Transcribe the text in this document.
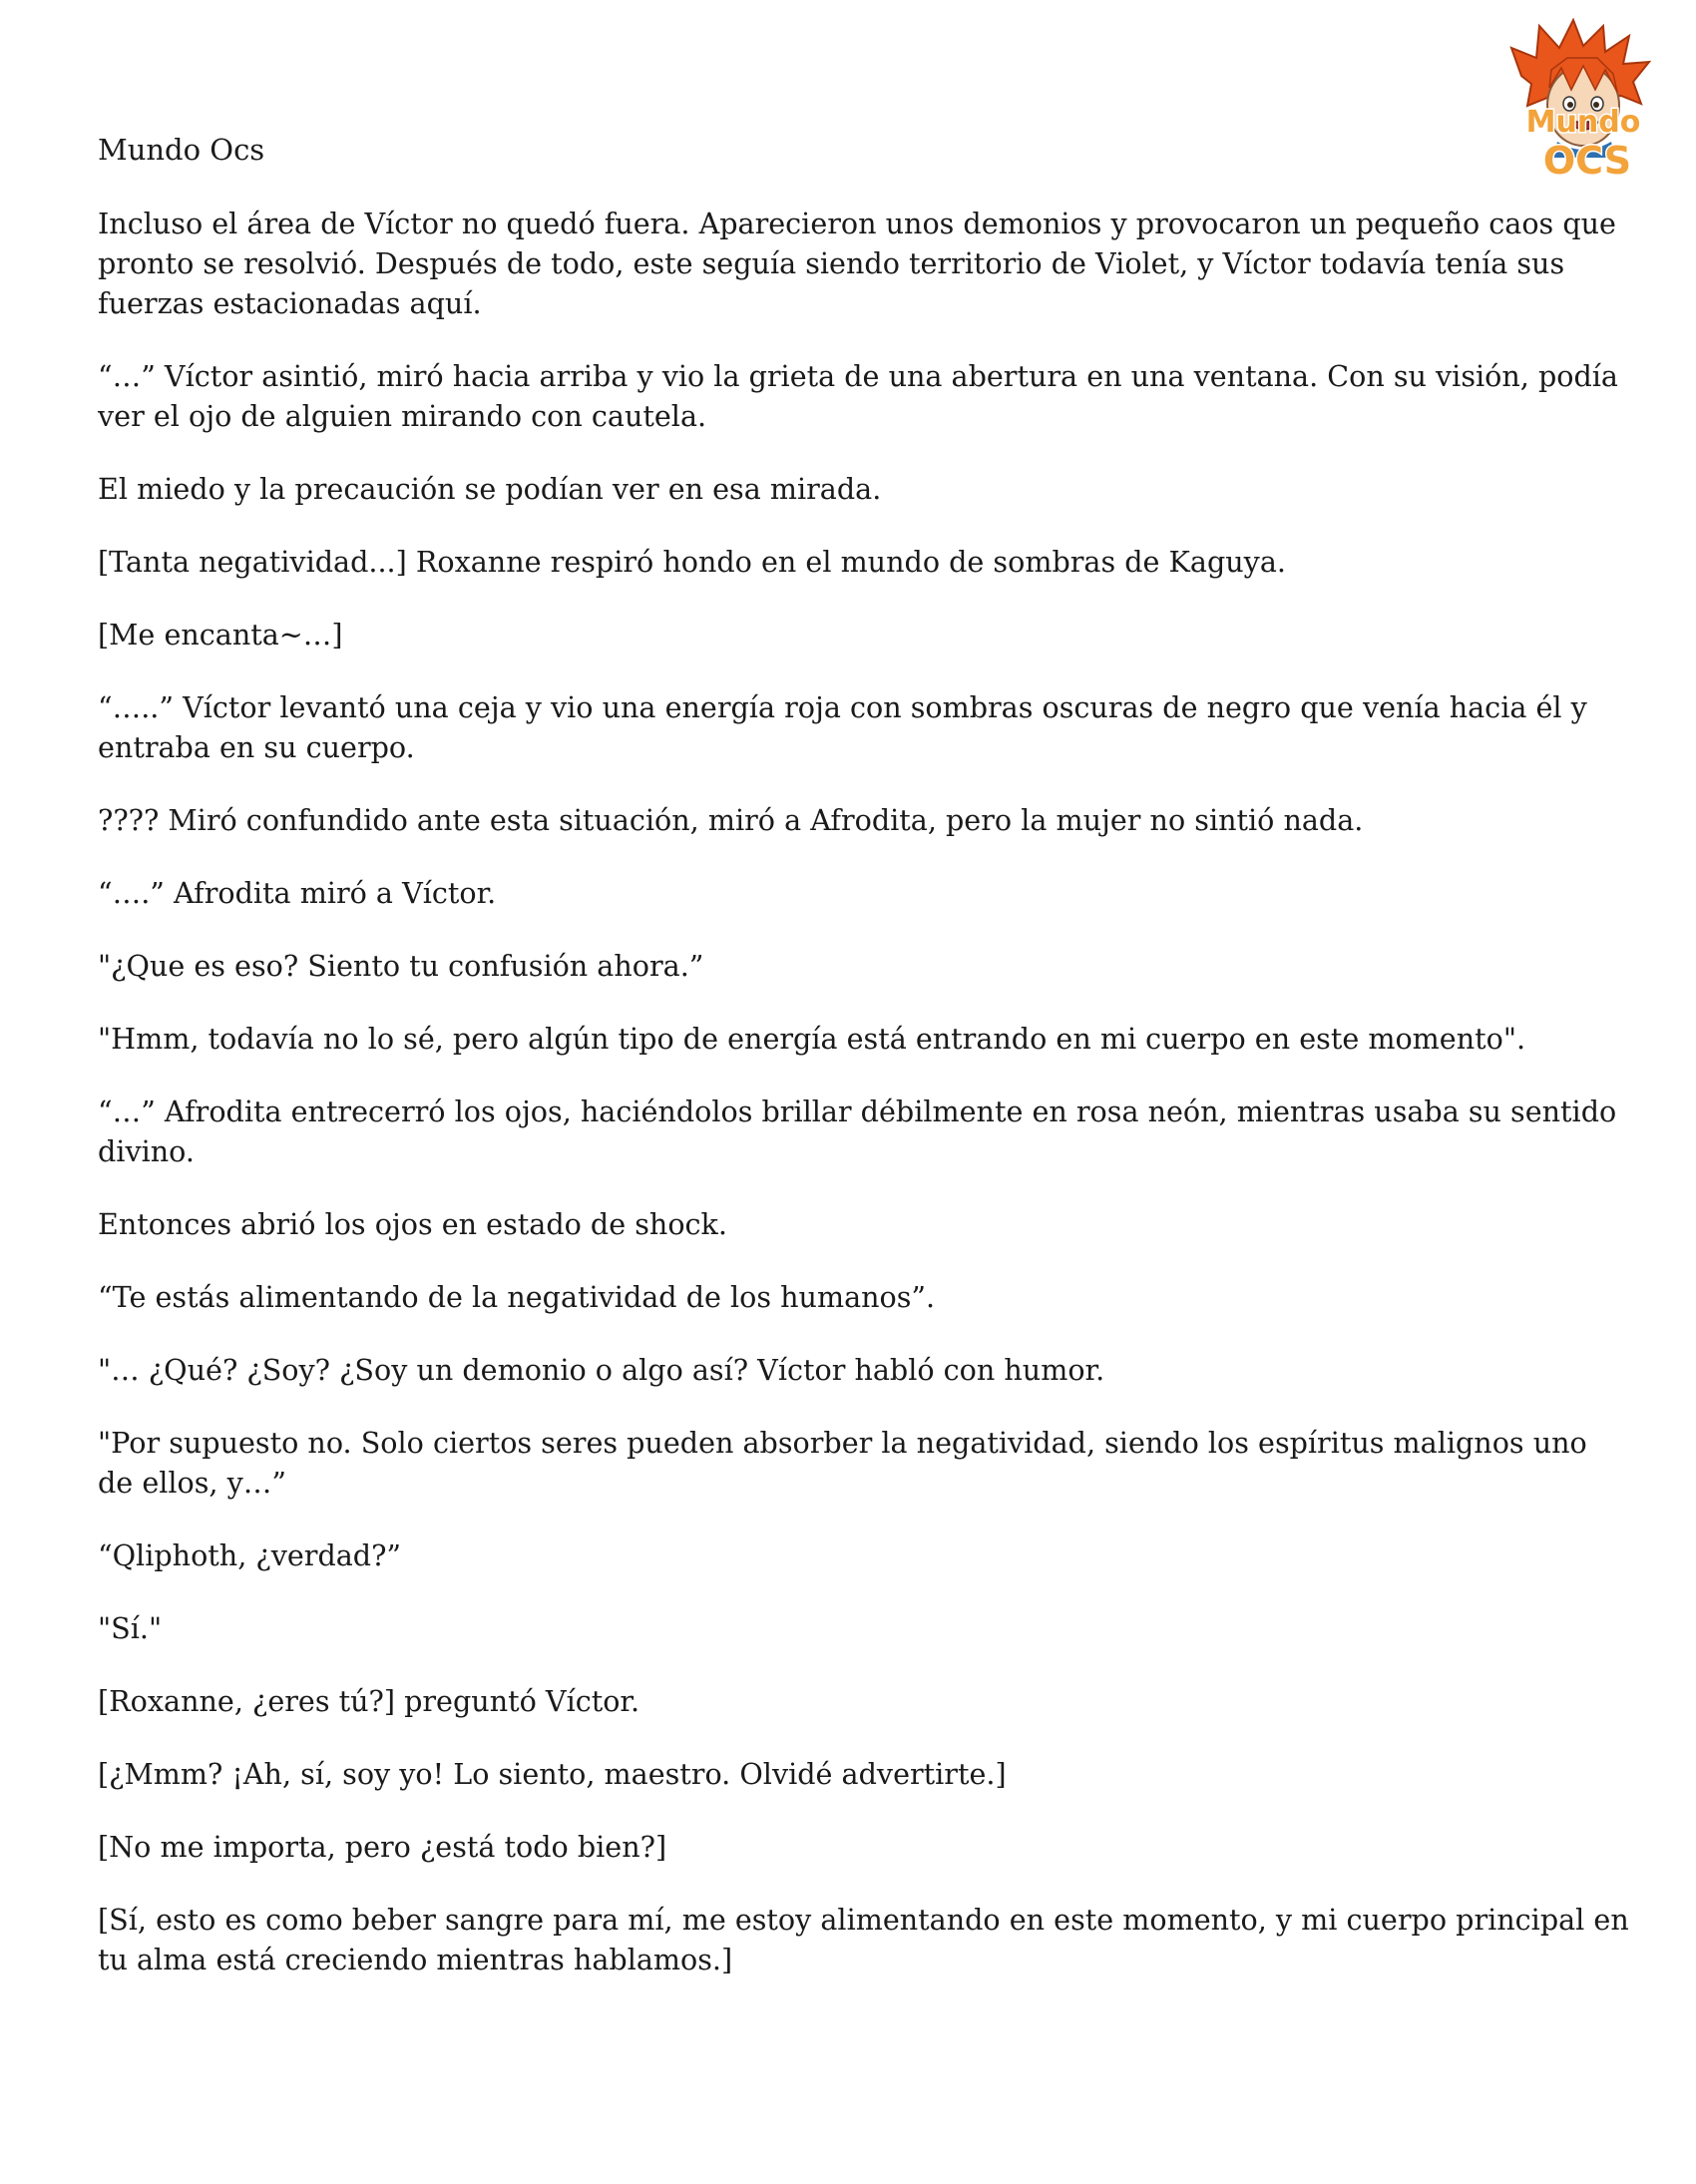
Mundo
OCS
Mundo Ocs

Incluso el área de Víctor no quedó fuera. Aparecieron unos demonios y provocaron un pequeño caos que pronto se resolvió. Después de todo, este seguía siendo territorio de Violet, y Víctor todavía tenía sus fuerzas estacionadas aquí.

“…” Víctor asintió, miró hacia arriba y vio la grieta de una abertura en una ventana. Con su visión, podía ver el ojo de alguien mirando con cautela.

El miedo y la precaución se podían ver en esa mirada.

[Tanta negatividad...] Roxanne respiró hondo en el mundo de sombras de Kaguya.

[Me encanta~…]

“…..” Víctor levantó una ceja y vio una energía roja con sombras oscuras de negro que venía hacia él y entraba en su cuerpo.

???? Miró confundido ante esta situación, miró a Afrodita, pero la mujer no sintió nada.

“….” Afrodita miró a Víctor.

"¿Que es eso? Siento tu confusión ahora.”

"Hmm, todavía no lo sé, pero algún tipo de energía está entrando en mi cuerpo en este momento".

“…” Afrodita entrecerró los ojos, haciéndolos brillar débilmente en rosa neón, mientras usaba su sentido divino.

Entonces abrió los ojos en estado de shock.

“Te estás alimentando de la negatividad de los humanos”.

"… ¿Qué? ¿Soy? ¿Soy un demonio o algo así? Víctor habló con humor.

"Por supuesto no. Solo ciertos seres pueden absorber la negatividad, siendo los espíritus malignos uno de ellos, y…”

“Qliphoth, ¿verdad?”

"Sí."

[Roxanne, ¿eres tú?] preguntó Víctor.

[¿Mmm? ¡Ah, sí, soy yo! Lo siento, maestro. Olvidé advertirte.]

[No me importa, pero ¿está todo bien?]

[Sí, esto es como beber sangre para mí, me estoy alimentando en este momento, y mi cuerpo principal en tu alma está creciendo mientras hablamos.]
